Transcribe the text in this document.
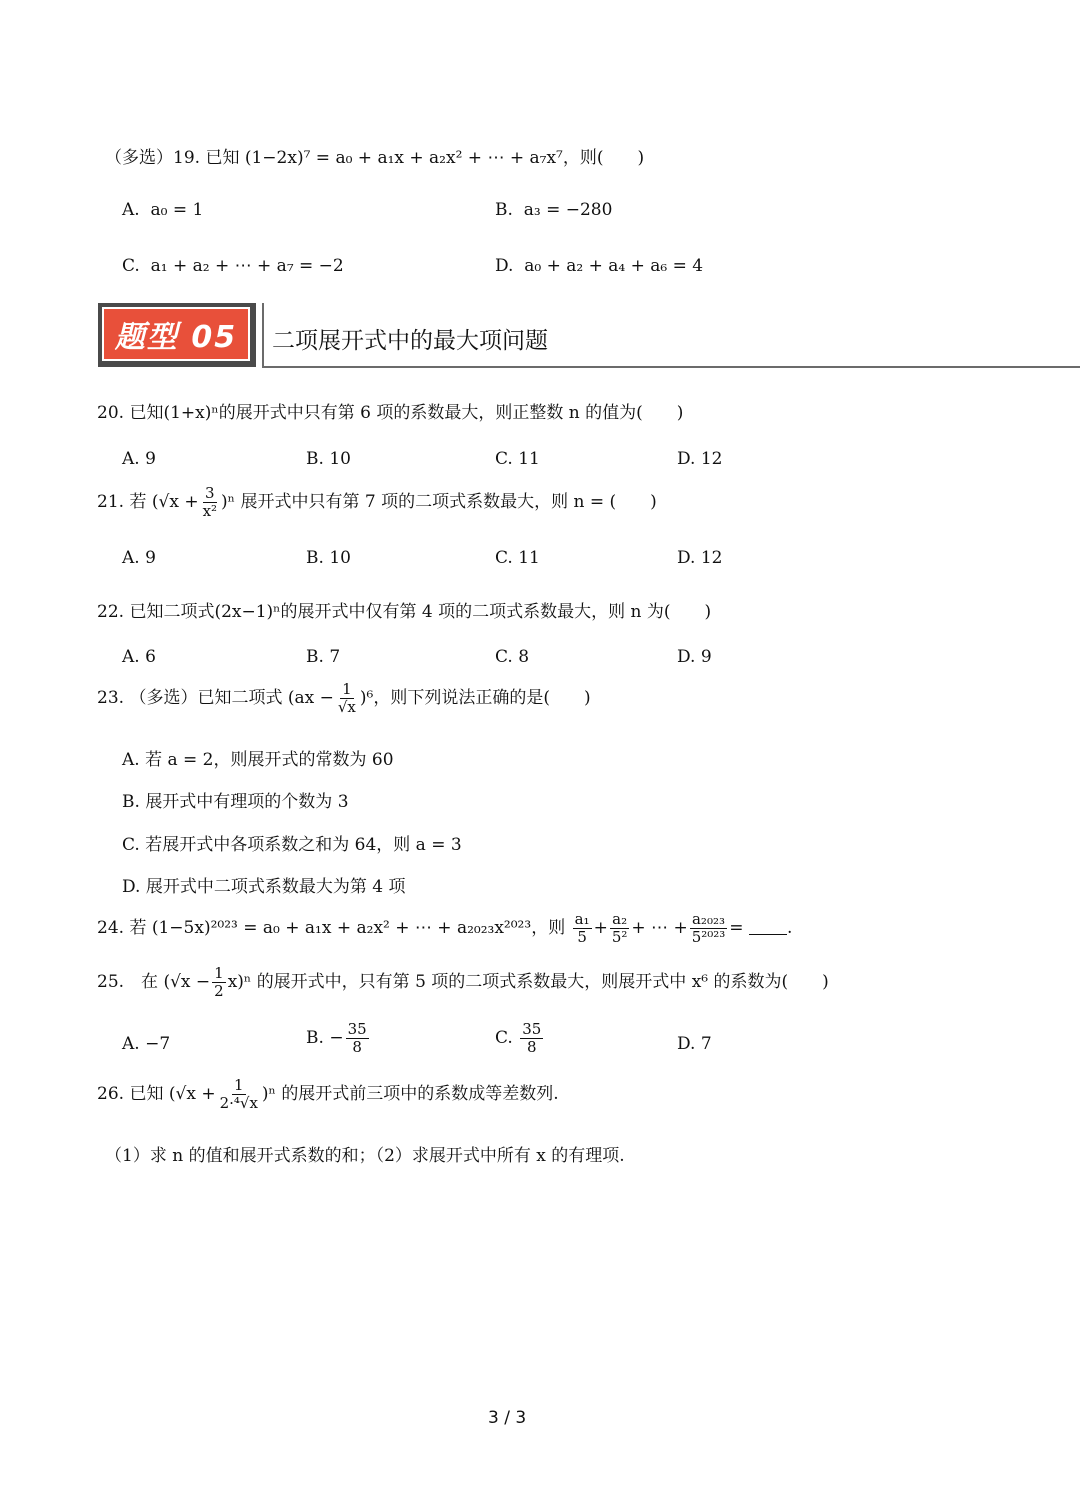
（多选）19. 已知 (1−2x)⁷ = a₀ + a₁x + a₂x² + ⋯ + a₇x⁷，则(　　)
A. a₀ = 1	B. a₃ = −280
C. a₁ + a₂ + ⋯ + a₇ = −2	D. a₀ + a₂ + a₄ + a₆ = 4
题型 05	二项展开式中的最大项问题
20. 已知(1+x)ⁿ的展开式中只有第 6 项的系数最大，则正整数 n 的值为(　　)
A. 9	B. 10	C. 11	D. 12
21. 若 $(√x + \frac{3}{\text{x²}} )^n$ 展开式中只有第 7 项的二项式系数最大，则 n = (　　)
A. 9	B. 10	C. 11	D. 12
22. 已知二项式(2x−1)ⁿ的展开式中仅有第 4 项的二项式系数最大，则 n 为(　　)
A. 6	B. 7	C. 8	D. 9
23. （多选）已知二项式 $(ax - \frac{1}{√x} )^6$，则下列说法正确的是(　　)
A. 若 a = 2，则展开式的常数为 60
B. 展开式中有理项的个数为 3
C. 若展开式中各项系数之和为 64，则 a = 3
D. 展开式中二项式系数最大为第 4 项
24. 若 (1−5x)²⁰²³ = a₀ + a₁x + a₂x² + ⋯ + a₂₀₂₃x²⁰²³，则 $\frac{\text{a₁}}{5} + \frac{\text{a₂}}{\text{5²}}$ + ⋯ + $\frac{\text{a₂₀₂₃}}{\text{5²⁰²³}}$ =	.
25.　在 $(√x - \frac{1}{2} x)^n$ 的展开式中，只有第 5 项的二项式系数最大，则展开式中 x⁶ 的系数为(　　)
A. −7	B. − $\frac{35}{8}$	C. $\frac{35}{8}$	D. 7
26. 已知 $(√x + \frac{1}{\text{2·⁴√x}} )^n$ 的展开式前三项中的系数成等差数列.
（1）求 n 的值和展开式系数的和；（2）求展开式中所有 x 的有理项.
3 / 3
